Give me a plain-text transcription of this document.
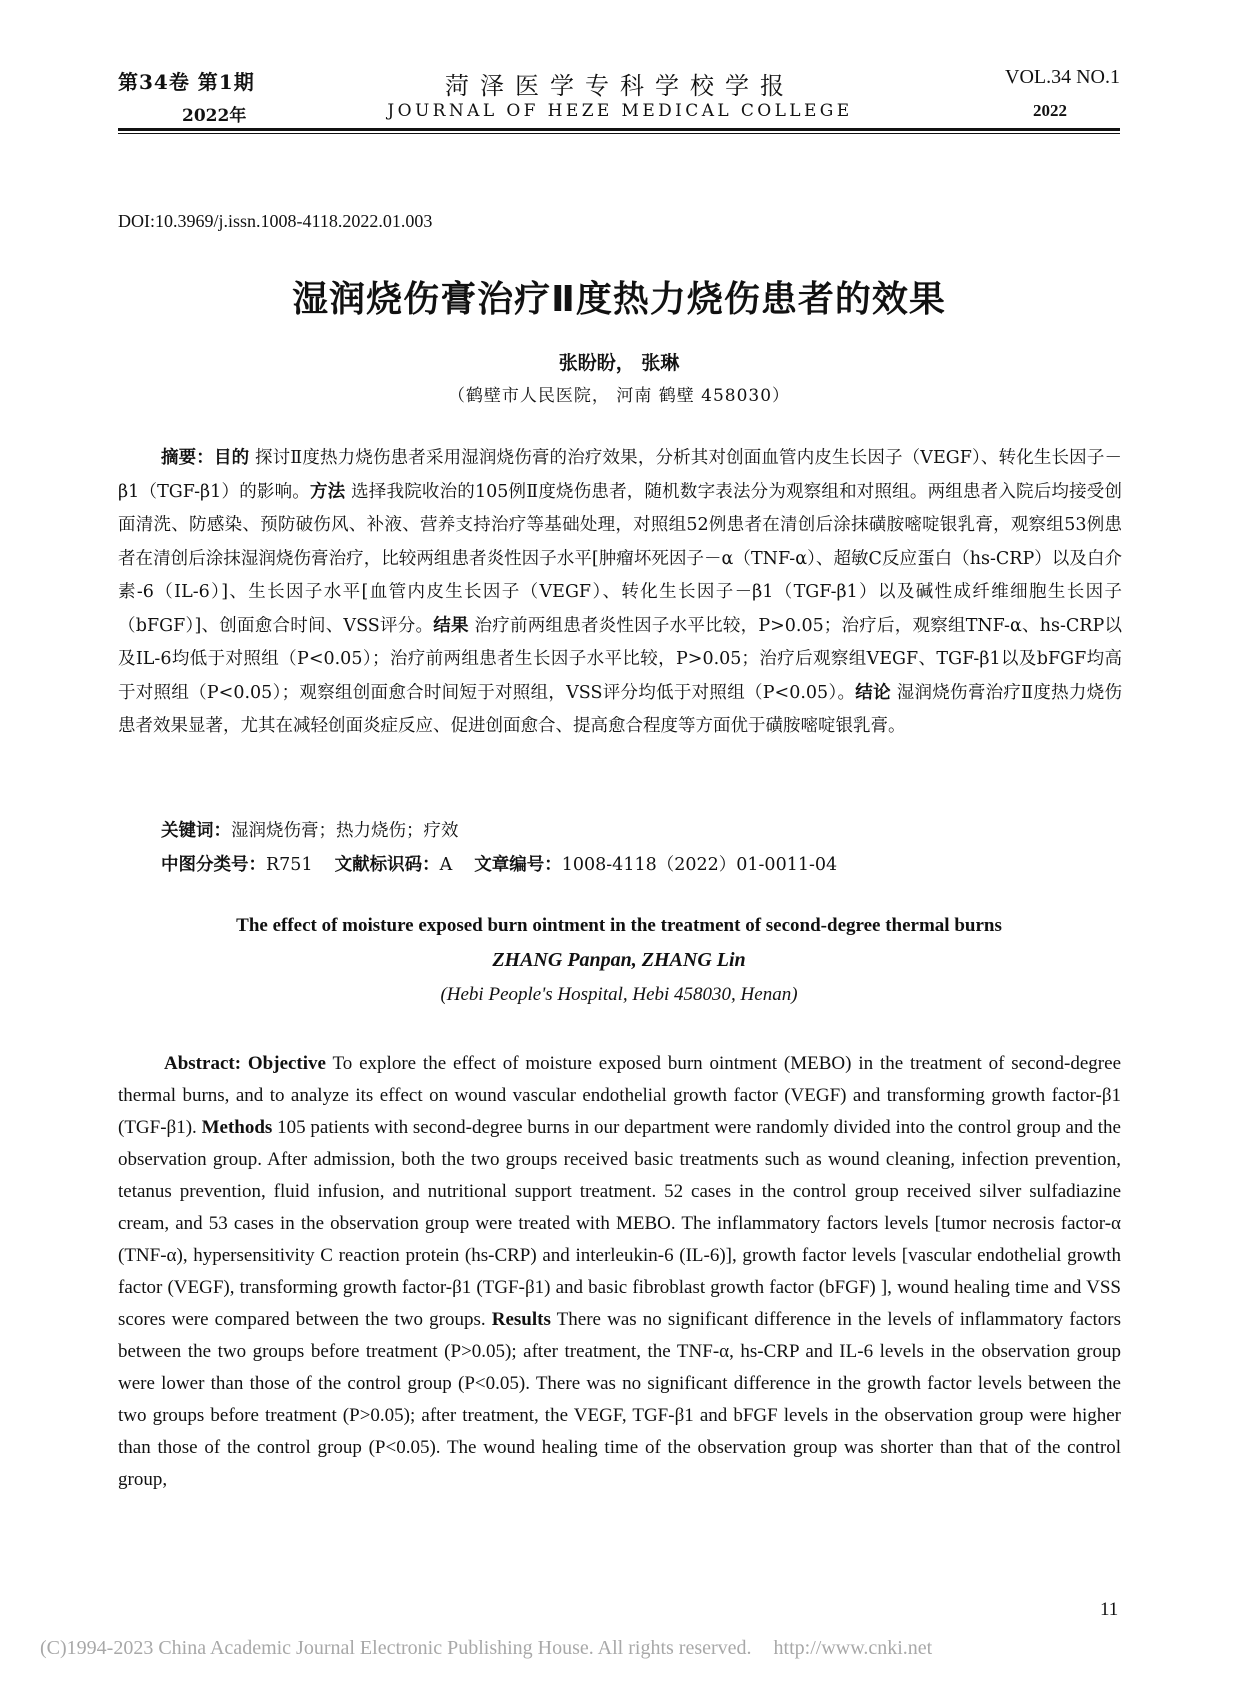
第34卷 第1期
2022年
菏泽医学专科学校学报
JOURNAL OF HEZE MEDICAL COLLEGE
VOL.34 NO.1
2022
DOI:10.3969/j.issn.1008-4118.2022.01.003
湿润烧伤膏治疗Ⅱ度热力烧伤患者的效果
张盼盼， 张琳
（鹤壁市人民医院， 河南 鹤壁 458030）

摘要：目的 探讨Ⅱ度热力烧伤患者采用湿润烧伤膏的治疗效果，分析其对创面血管内皮生长因子（VEGF）、转化生长因子－β1（TGF-β1）的影响。方法 选择我院收治的105例Ⅱ度烧伤患者，随机数字表法分为观察组和对照组。两组患者入院后均接受创面清洗、防感染、预防破伤风、补液、营养支持治疗等基础处理，对照组52例患者在清创后涂抹磺胺嘧啶银乳膏，观察组53例患者在清创后涂抹湿润烧伤膏治疗，比较两组患者炎性因子水平[肿瘤坏死因子－α（TNF-α）、超敏C反应蛋白（hs-CRP）以及白介素-6（IL-6）]、生长因子水平[血管内皮生长因子（VEGF）、转化生长因子－β1（TGF-β1）以及碱性成纤维细胞生长因子（bFGF）]、创面愈合时间、VSS评分。结果 治疗前两组患者炎性因子水平比较，P>0.05；治疗后，观察组TNF-α、hs-CRP以及IL-6均低于对照组（P<0.05）；治疗前两组患者生长因子水平比较，P>0.05；治疗后观察组VEGF、TGF-β1以及bFGF均高于对照组（P<0.05）；观察组创面愈合时间短于对照组，VSS评分均低于对照组（P<0.05）。结论 湿润烧伤膏治疗Ⅱ度热力烧伤患者效果显著，尤其在减轻创面炎症反应、促进创面愈合、提高愈合程度等方面优于磺胺嘧啶银乳膏。

关键词：湿润烧伤膏；热力烧伤；疗效
中图分类号：R751 文献标识码：A 文章编号：1008-4118（2022）01-0011-04
The effect of moisture exposed burn ointment in the treatment of second-degree thermal burns
ZHANG Panpan, ZHANG Lin
(Hebi People's Hospital, Hebi 458030, Henan)

Abstract: Objective To explore the effect of moisture exposed burn ointment (MEBO) in the treatment of second-degree thermal burns, and to analyze its effect on wound vascular endothelial growth factor (VEGF) and transforming growth factor-β1 (TGF-β1). Methods 105 patients with second-degree burns in our department were randomly divided into the control group and the observation group. After admission, both the two groups received basic treatments such as wound cleaning, infection prevention, tetanus prevention, fluid infusion, and nutritional support treatment. 52 cases in the control group received silver sulfadiazine cream, and 53 cases in the observation group were treated with MEBO. The inflammatory factors levels [tumor necrosis factor-α (TNF-α), hypersensitivity C reaction protein (hs-CRP) and interleukin-6 (IL-6)], growth factor levels [vascular endothelial growth factor (VEGF), transforming growth factor-β1 (TGF-β1) and basic fibroblast growth factor (bFGF) ], wound healing time and VSS scores were compared between the two groups. Results There was no significant difference in the levels of inflammatory factors between the two groups before treatment (P>0.05); after treatment, the TNF-α, hs-CRP and IL-6 levels in the observation group were lower than those of the control group (P<0.05). There was no significant difference in the growth factor levels between the two groups before treatment (P>0.05); after treatment, the VEGF, TGF-β1 and bFGF levels in the observation group were higher than those of the control group (P<0.05). The wound healing time of the observation group was shorter than that of the control group,

11
(C)1994-2023 China Academic Journal Electronic Publishing House. All rights reserved. http://www.cnki.net
